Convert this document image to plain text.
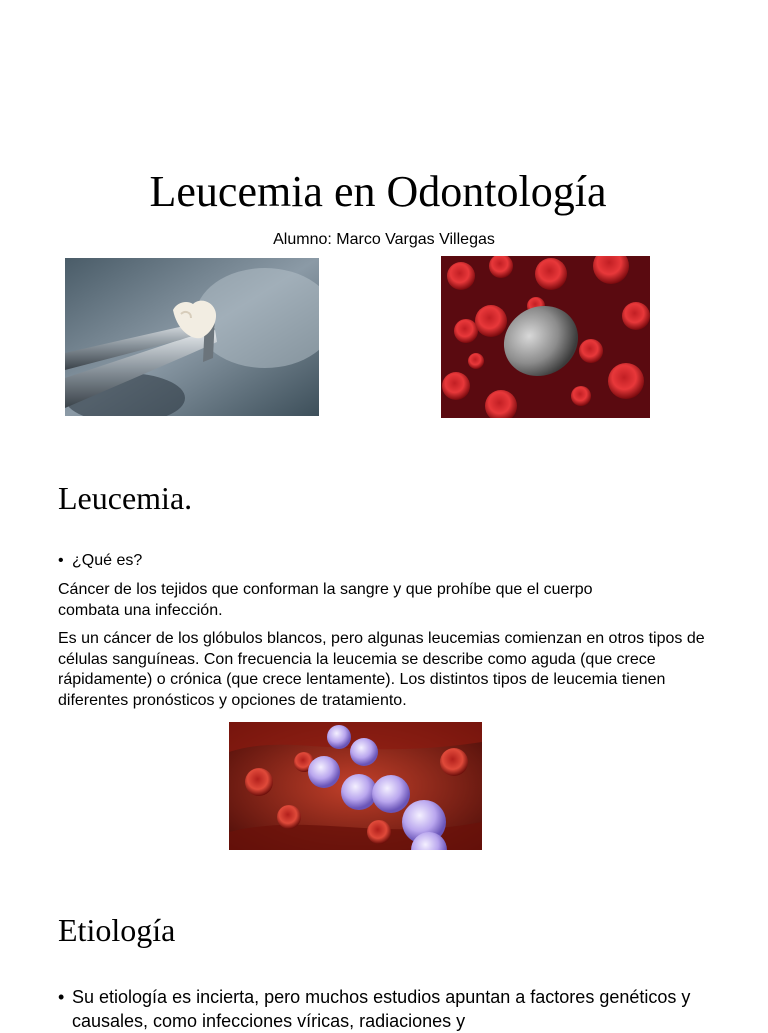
Leucemia en Odontología
Alumno: Marco Vargas Villegas
Leucemia.
• ¿Qué es?
Cáncer de los tejidos que conforman la sangre y que prohíbe que el cuerpo combata una infección.
Es un cáncer de los glóbulos blancos, pero algunas leucemias comienzan en otros tipos de células sanguíneas. Con frecuencia la leucemia se describe como aguda (que crece rápidamente) o crónica (que crece lentamente). Los distintos tipos de leucemia tienen diferentes pronósticos y opciones de tratamiento.
Etiología
• Su etiología es incierta, pero muchos estudios apuntan a factores genéticos y causales, como infecciones víricas, radiaciones y
